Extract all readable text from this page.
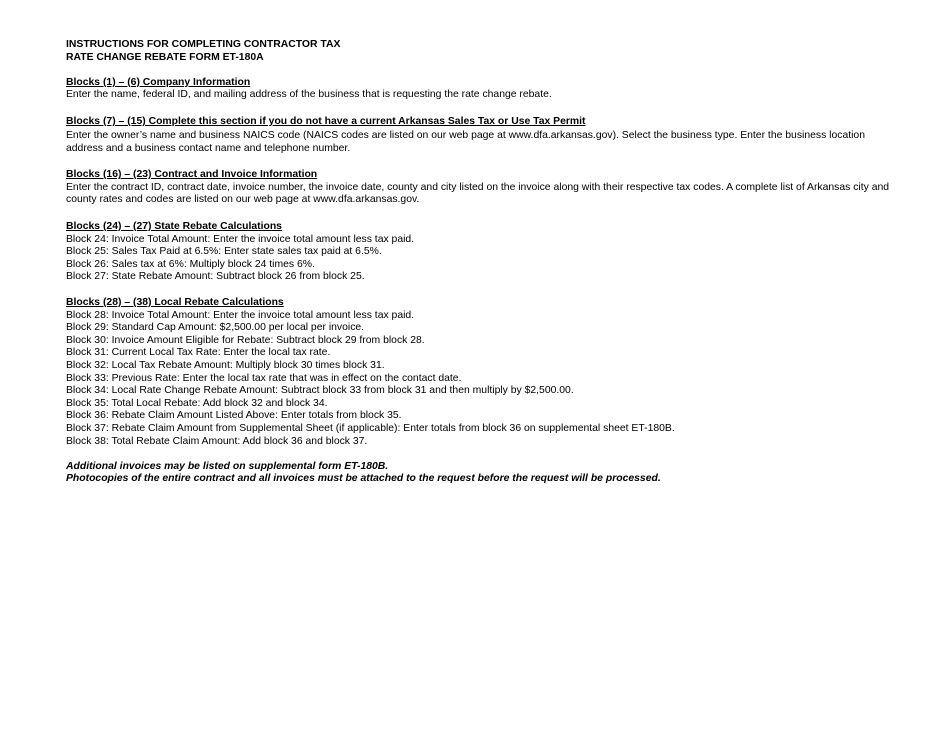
INSTRUCTIONS FOR COMPLETING CONTRACTOR TAX

RATE CHANGE REBATE FORM ET-180A

Blocks (1) – (6) Company Information

Enter the name, federal ID, and mailing address of the business that is requesting the rate change rebate.

Blocks (7) – (15) Complete this section if you do not have a current Arkansas Sales Tax or Use Tax Permit

Enter the owner’s name and business NAICS code (NAICS codes are listed on our web page at www.dfa.arkansas.gov). Select the business type. Enter the business location address and a business contact name and telephone number.

Blocks (16) – (23) Contract and Invoice Information

Enter the contract ID, contract date, invoice number, the invoice date, county and city listed on the invoice along with their respective tax codes. A complete list of Arkansas city and county rates and codes are listed on our web page at www.dfa.arkansas.gov.

Blocks (24) – (27) State Rebate Calculations

Block 24: Invoice Total Amount: Enter the invoice total amount less tax paid.

Block 25: Sales Tax Paid at 6.5%: Enter state sales tax paid at 6.5%.

Block 26: Sales tax at 6%: Multiply block 24 times 6%.

Block 27: State Rebate Amount: Subtract block 26 from block 25.

Blocks (28) – (38) Local Rebate Calculations

Block 28: Invoice Total Amount: Enter the invoice total amount less tax paid.

Block 29: Standard Cap Amount: $2,500.00 per local per invoice.

Block 30: Invoice Amount Eligible for Rebate: Subtract block 29 from block 28.

Block 31: Current Local Tax Rate: Enter the local tax rate.

Block 32: Local Tax Rebate Amount: Multiply block 30 times block 31.

Block 33: Previous Rate: Enter the local tax rate that was in effect on the contact date.

Block 34: Local Rate Change Rebate Amount: Subtract block 33 from block 31 and then multiply by $2,500.00.

Block 35: Total Local Rebate: Add block 32 and block 34.

Block 36: Rebate Claim Amount Listed Above: Enter totals from block 35.

Block 37: Rebate Claim Amount from Supplemental Sheet (if applicable): Enter totals from block 36 on supplemental sheet ET-180B.

Block 38: Total Rebate Claim Amount: Add block 36 and block 37.

Additional invoices may be listed on supplemental form ET-180B.

Photocopies of the entire contract and all invoices must be attached to the request before the request will be processed.
